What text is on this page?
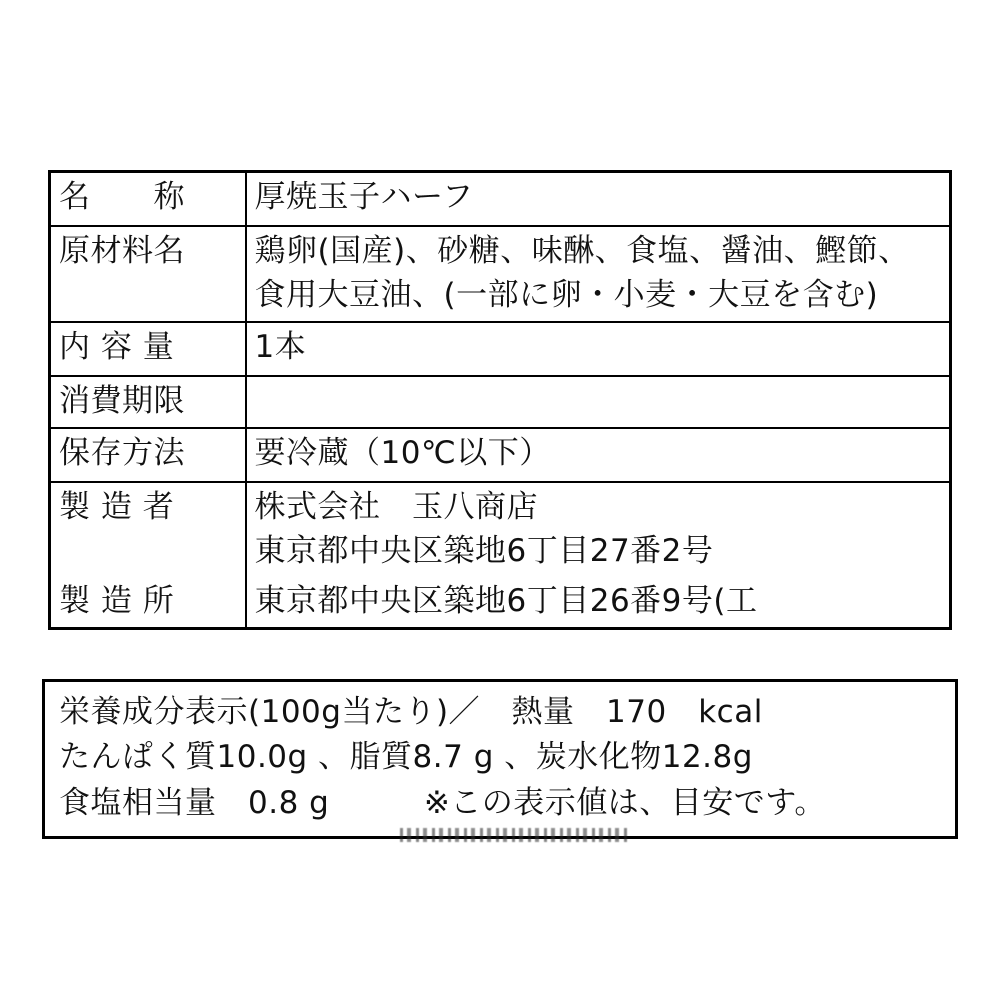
名　　称	厚焼玉子ハーフ
原材料名	鶏卵(国産)、砂糖、味醂、食塩、醤油、鰹節、食用大豆油、(一部に卵・小麦・大豆を含む)

内 容 量	1本
消費期限	
保存方法	要冷蔵（10℃以下）
製 造 者	株式会社　玉八商店
東京都中央区築地6丁目27番2号

製 造 所	東京都中央区築地6丁目26番9号(工
栄養成分表示(100g当たり)／　熱量　170　kcal
たんぱく質10.0g 、脂質8.7 g 、炭水化物12.8g
食塩相当量　0.8 g　　　※この表示値は、目安です。
